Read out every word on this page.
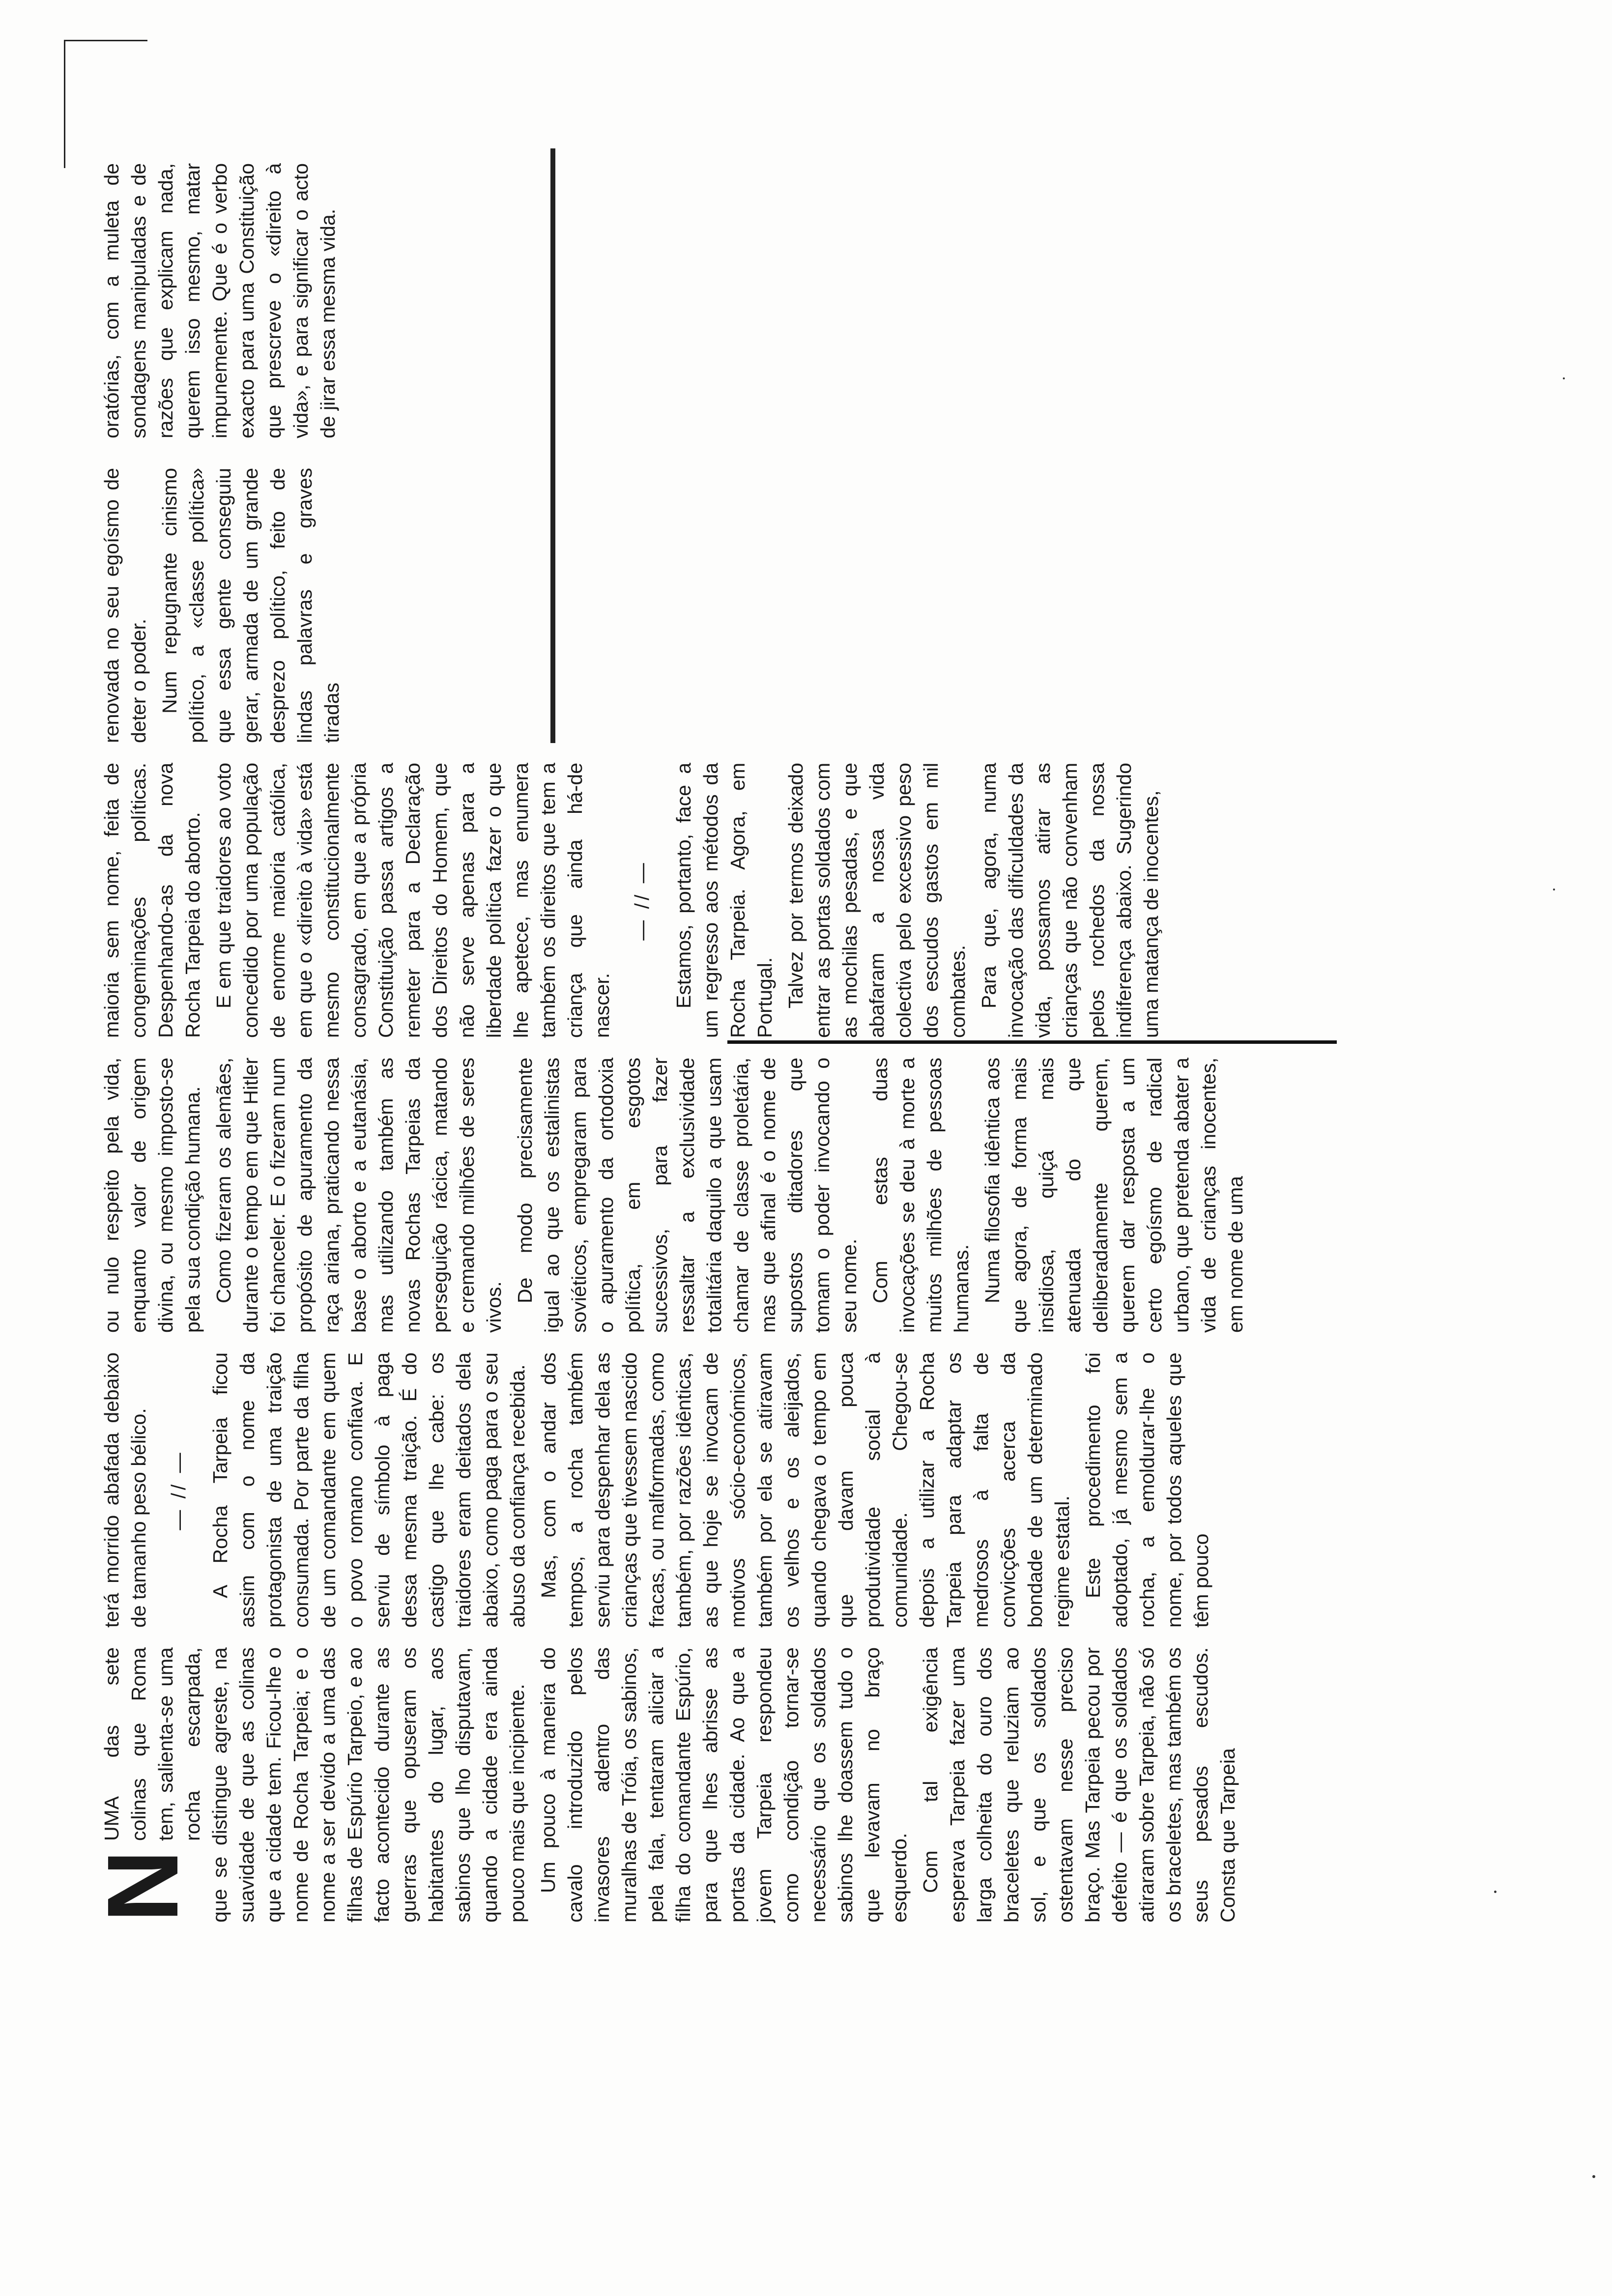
N

UMA das sete colinas que Roma tem, salienta-se uma rocha escarpada, que se distingue agreste, na suavidade de que as colinas que a cidade tem. Ficou-lhe o nome de Rocha Tarpeia; e o nome a ser devido a uma das filhas de Espúrio Tarpeio, e ao facto acontecido durante as guerras que opuseram os habitantes do lugar, aos sabinos que lho disputavam, quando a cidade era ainda pouco mais que incipiente. Um pouco à maneira do cavalo introduzido pelos invasores adentro das muralhas de Tróia, os sabinos, pela fala, tentaram aliciar a filha do comandante Espúrio, para que lhes abrisse as portas da cidade. Ao que a jovem Tarpeia respondeu como condição tornar-se necessário que os soldados sabinos lhe doassem tudo o que levavam no braço esquerdo. Com tal exigência esperava Tarpeia fazer uma larga colheita do ouro dos braceletes que reluziam ao sol, e que os soldados ostentavam nesse preciso braço. Mas Tarpeia pecou por defeito — é que os soldados atiraram sobre Tarpeia, não só os braceletes, mas também os seus pesados escudos. Consta que Tarpeia

terá morrido abafada debaixo de tamanho peso bélico. — // — A Rocha Tarpeia ficou assim com o nome da protagonista de uma traição consumada. Por parte da filha de um comandante em quem o povo romano confiava. E serviu de símbolo à paga dessa mesma traição. É do castigo que lhe cabe: os traidores eram deitados dela abaixo, como paga para o seu abuso da confiança recebida. Mas, com o andar dos tempos, a rocha também serviu para despenhar dela as crianças que tivessem nascido fracas, ou malformadas, como também, por razões idênticas, as que hoje se invocam de motivos sócio-económicos, também por ela se atiravam os velhos e os aleijados, quando chegava o tempo em que davam pouca produtividade social à comunidade. Chegou-se depois a utilizar a Rocha Tarpeia para adaptar os medrosos à falta de convicções acerca da bondade de um determinado regime estatal. Este procedimento foi adoptado, já mesmo sem a rocha, a emoldurar-lhe o nome, por todos aqueles que têm pouco

ou nulo respeito pela vida, enquanto valor de origem divina, ou mesmo imposto-se pela sua condição humana. Como fizeram os alemães, durante o tempo em que Hitler foi chanceler. E o fizeram num propósito de apuramento da raça ariana, praticando nessa base o aborto e a eutanásia, mas utilizando também as novas Rochas Tarpeias da perseguição rácica, matando e cremando milhões de seres vivos.

De modo precisamente igual ao que os estalinistas soviéticos, empregaram para o apuramento da ortodoxia política, em esgotos sucessivos, para fazer ressaltar a exclusividade totalitária daquilo a que usam chamar de classe proletária, mas que afinal é o nome de supostos ditadores que tomam o poder invocando o seu nome. Com estas duas invocações se deu à morte a muitos milhões de pessoas humanas. Numa filosofia idêntica aos que agora, de forma mais insidiosa, quiçá mais atenuada do que deliberadamente querem, querem dar resposta a um certo egoísmo de radical urbano, que pretenda abater a vida de crianças inocentes, em nome de uma

maioria sem nome, feita de congeminações políticas. Despenhando-as da nova Rocha Tarpeia do aborto. E em que traidores ao voto concedido por uma população de enorme maioria católica, em que o «direito à vida» está mesmo constitucionalmente consagrado, em que a própria Constituição passa artigos a remeter para a Declaração dos Direitos do Homem, que não serve apenas para a liberdade política fazer o que lhe apetece, mas enumera também os direitos que tem a criança que ainda há-de nascer.

— // — Estamos, portanto, face a um regresso aos métodos da Rocha Tarpeia. Agora, em Portugal. Talvez por termos deixado entrar as portas soldados com as mochilas pesadas, e que abafaram a nossa vida colectiva pelo excessivo peso dos escudos gastos em mil combates. Para que, agora, numa invocação das dificuldades da vida, possamos atirar as crianças que não convenham pelos rochedos da nossa indiferença abaixo. Sugerindo uma matança de inocentes,

renovada no seu egoísmo de deter o poder. Num repugnante cinismo político, a «classe política» que essa gente conseguiu gerar, armada de um grande desprezo político, feito de lindas palavras e graves tiradas

oratórias, com a muleta de sondagens manipuladas e de razões que explicam nada, querem isso mesmo, matar impunemente. Que é o verbo exacto para uma Constituição que prescreve o «direito à vida», e para significar o acto de jirar essa mesma vida.
